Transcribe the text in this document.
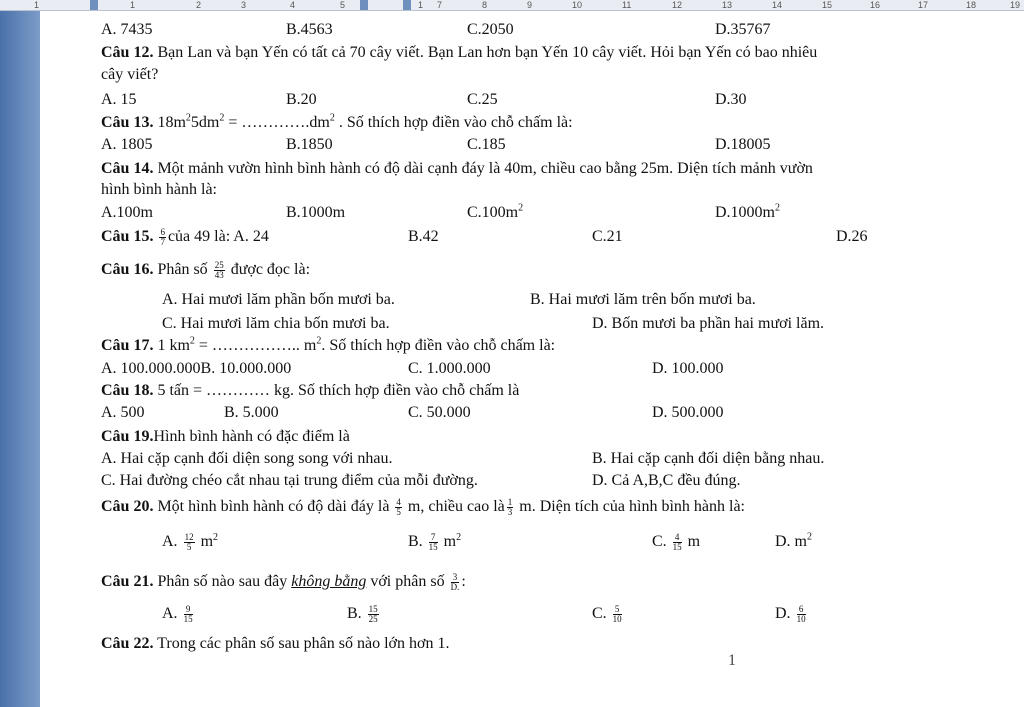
1	1	2	3	4	5	1 7	8	9	10	11	12	13	14	15	16	17	18	19
A. 7435	B.4563	C.2050	D.35767
Câu 12. Bạn Lan và bạn Yến có tất cả 70 cây viết. Bạn Lan hơn bạn Yến 10 cây viết. Hỏi bạn Yến có bao nhiêu
cây viết?
A. 15	B.20	C.25	D.30
Câu 13. $18m^25dm^2$ = $\dots\dots\dots\dots.dm^2$ . Số thích hợp điền vào chỗ chấm là:
A. 1805	B.1850	C.185	D.18005
Câu 14. Một mảnh vườn hình bình hành có độ dài cạnh đáy là 40m, chiều cao bằng 25m. Diện tích mảnh vườn
hình bình hành là:
A.100m	B.1000m	$C.100m^2$	$D.1000m^2$
Câu 15. $\frac{6}{7}$ của 49 là: A. 24	B.42	C.21	D.26
Câu 16. Phân số $\frac{25}{43}$ được đọc là:
A. Hai mươi lăm phần bốn mươi ba.	B. Hai mươi lăm trên bốn mươi ba.
C. Hai mươi lăm chia bốn mươi ba.	D. Bốn mươi ba phần hai mươi lăm.
Câu 17. 1 $km^2$ = …………….. $m^2$. Số thích hợp điền vào chỗ chấm là:
A. 100.000.000B. 10.000.000	C. 1.000.000	D. 100.000
Câu 18. 5 tấn = ………… kg. Số thích hợp điền vào chỗ chấm là
A. 500	B. 5.000	C. 50.000	D. 500.000
Câu 19.Hình bình hành có đặc điểm là
A. Hai cặp cạnh đối diện song song với nhau.	B. Hai cặp cạnh đối diện bằng nhau.
C. Hai đường chéo cắt nhau tại trung điểm của mỗi đường.	D. Cả A,B,C đều đúng.
Câu 20. Một hình bình hành có độ dài đáy là $\frac{4}{5} m$, chiều cao là $\frac{1}{3} m$. Diện tích của hình bình hành là:
A. $\frac{12}{5} m^2$	B. $\frac{7}{15} m^2$	C. $\frac{4}{15}$ m	D. $m^2$
Câu 21. Phân số nào sau đây không bằng với phân số $\frac{3}{D.}$ :
A. $\frac{9}{15}$	B. $\frac{15}{25}$	C. $\frac{5}{10}$	D. $\frac{6}{10}$
Câu 22. Trong các phân số sau phân số nào lớn hơn 1.
1
